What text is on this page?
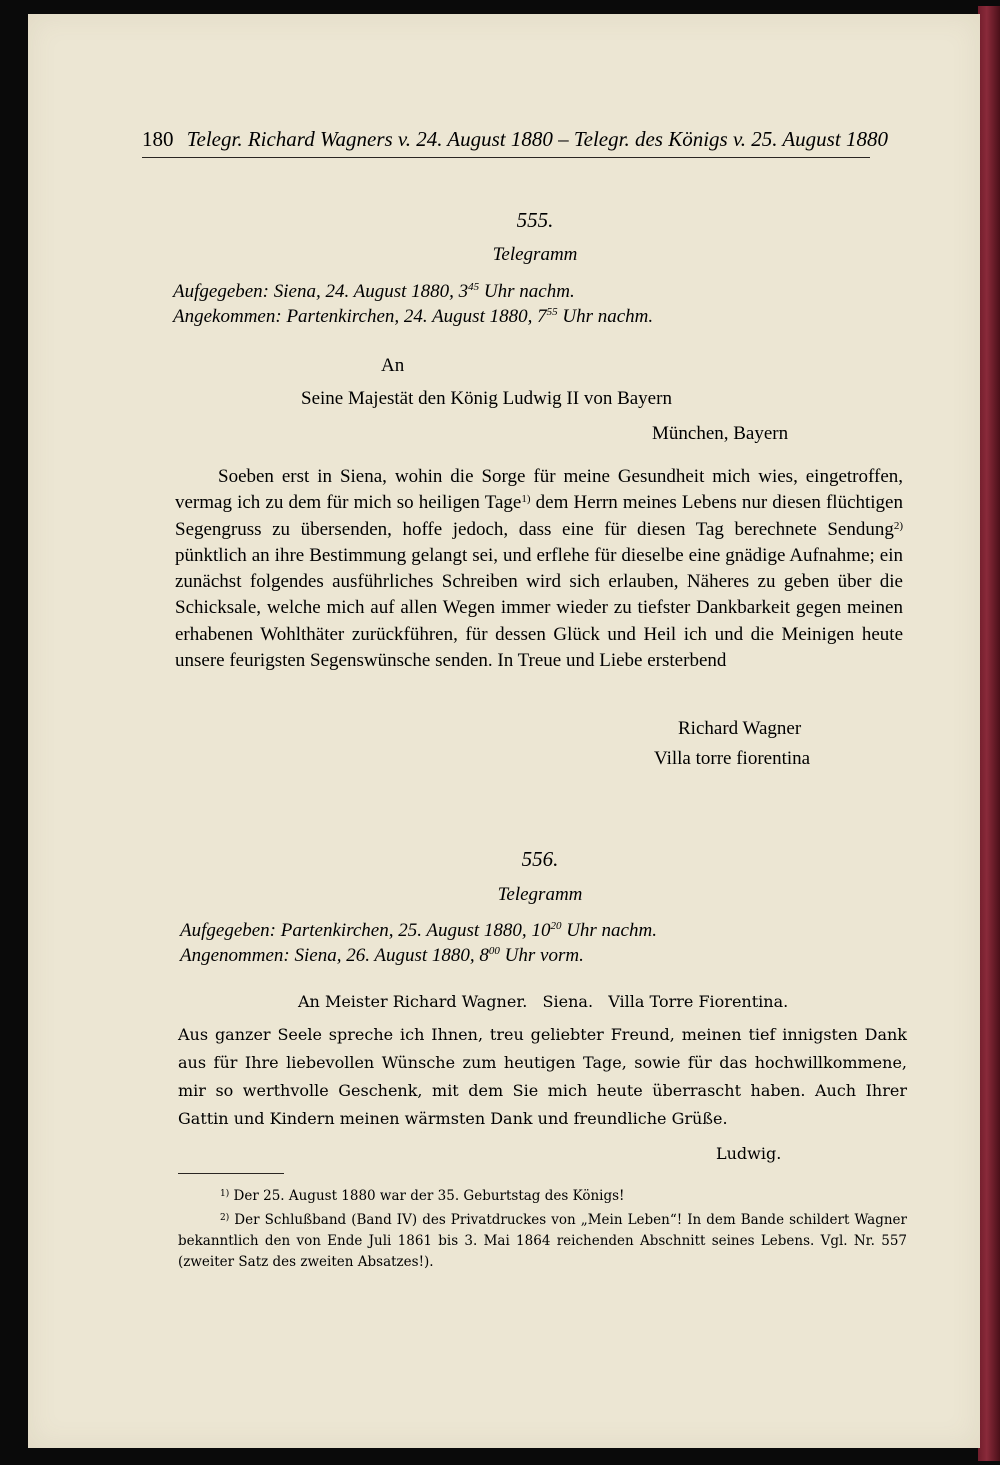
180 Telegr. Richard Wagners v. 24. August 1880 – Telegr. des Königs v. 25. August 1880
555.
Telegramm
Aufgegeben: Siena, 24. August 1880, $3^{45}$ Uhr nachm.
Angekommen: Partenkirchen, 24. August 1880, $7^{55}$ Uhr nachm.
An
Seine Majestät den König Ludwig II von Bayern
München, Bayern

Soeben erst in Siena, wohin die Sorge für meine Gesundheit mich wies, eingetroffen, vermag ich zu dem für mich so heiligen Tage$^{1)}$ dem Herrn meines Lebens nur diesen flüchtigen Segengruss zu übersenden, hoffe jedoch, dass eine für diesen Tag berechnete Sendung$^{2)}$ pünktlich an ihre Bestimmung gelangt sei, und erflehe für dieselbe eine gnädige Aufnahme; ein zunächst folgendes ausführliches Schreiben wird sich erlauben, Näheres zu geben über die Schicksale, welche mich auf allen Wegen immer wieder zu tiefster Dankbarkeit gegen meinen erhabenen Wohlthäter zurückführen, für dessen Glück und Heil ich und die Meinigen heute unsere feurigsten Segenswünsche senden. In Treue und Liebe ersterbend

Richard Wagner
Villa torre fiorentina
556.
Telegramm
Aufgegeben: Partenkirchen, 25. August 1880, $10^{20}$ Uhr nachm.
Angenommen: Siena, 26. August 1880, $8^{00}$ Uhr vorm.
An Meister Richard Wagner.   Siena.   Villa Torre Fiorentina.

Aus ganzer Seele spreche ich Ihnen, treu geliebter Freund, meinen tief innigsten Dank aus für Ihre liebevollen Wünsche zum heutigen Tage, sowie für das hochwillkommene, mir so werthvolle Geschenk, mit dem Sie mich heute überrascht haben. Auch Ihrer Gattin und Kindern meinen wärmsten Dank und freundliche Grüße.

Ludwig.

$^{1)}$ Der 25. August 1880 war der 35. Geburtstag des Königs!

$^{2)}$ Der Schlußband (Band IV) des Privatdruckes von „Mein Leben“! In dem Bande schildert Wagner bekanntlich den von Ende Juli 1861 bis 3. Mai 1864 reichenden Abschnitt seines Lebens. Vgl. Nr. 557 (zweiter Satz des zweiten Absatzes!).
